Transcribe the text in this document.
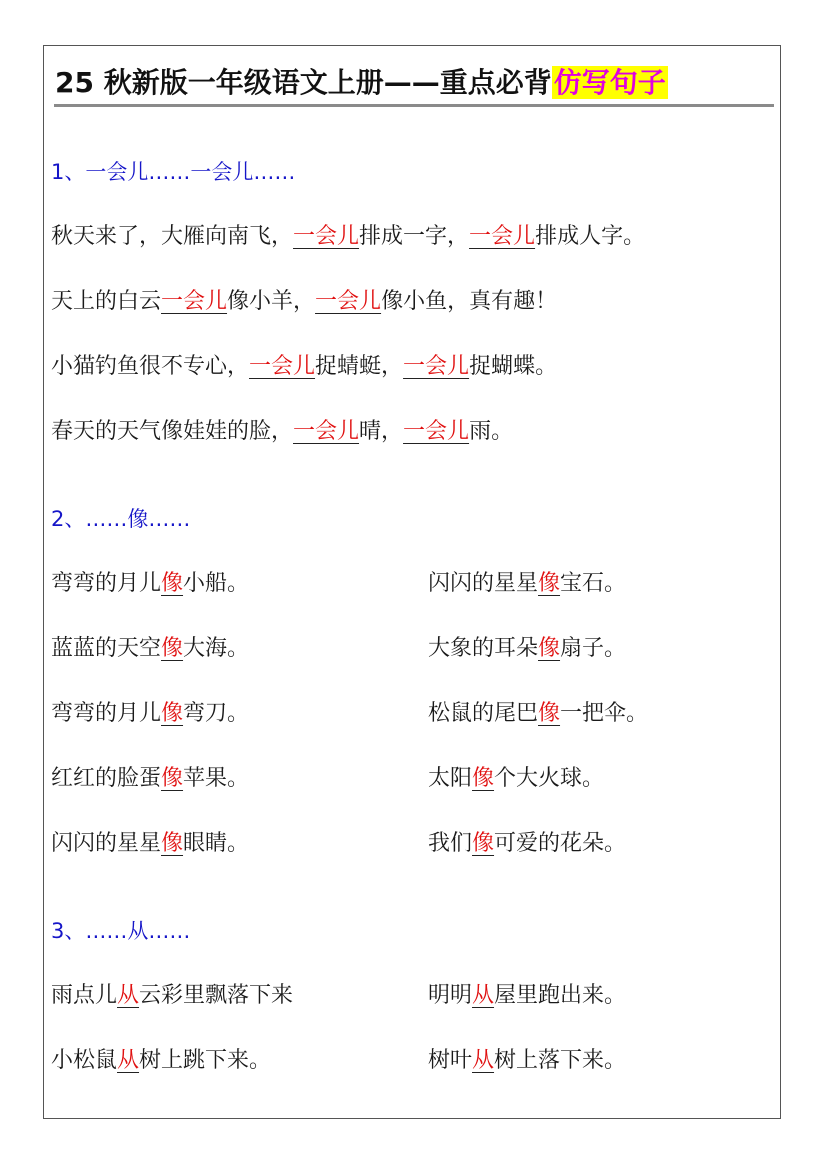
25 秋新版一年级语文上册——重点必背仿写句子
1、一会儿……一会儿……
秋天来了，大雁向南飞，一会儿排成一字，一会儿排成人字。
天上的白云一会儿像小羊，一会儿像小鱼，真有趣！
小猫钓鱼很不专心，一会儿捉蜻蜓，一会儿捉蝴蝶。
春天的天气像娃娃的脸，一会儿晴，一会儿雨。
2、……像……
弯弯的月儿像小船。	闪闪的星星像宝石。
蓝蓝的天空像大海。	大象的耳朵像扇子。
弯弯的月儿像弯刀。	松鼠的尾巴像一把伞。
红红的脸蛋像苹果。	太阳像个大火球。
闪闪的星星像眼睛。	我们像可爱的花朵。
3、……从……
雨点儿从云彩里飘落下来	明明从屋里跑出来。
小松鼠从树上跳下来。	树叶从树上落下来。
